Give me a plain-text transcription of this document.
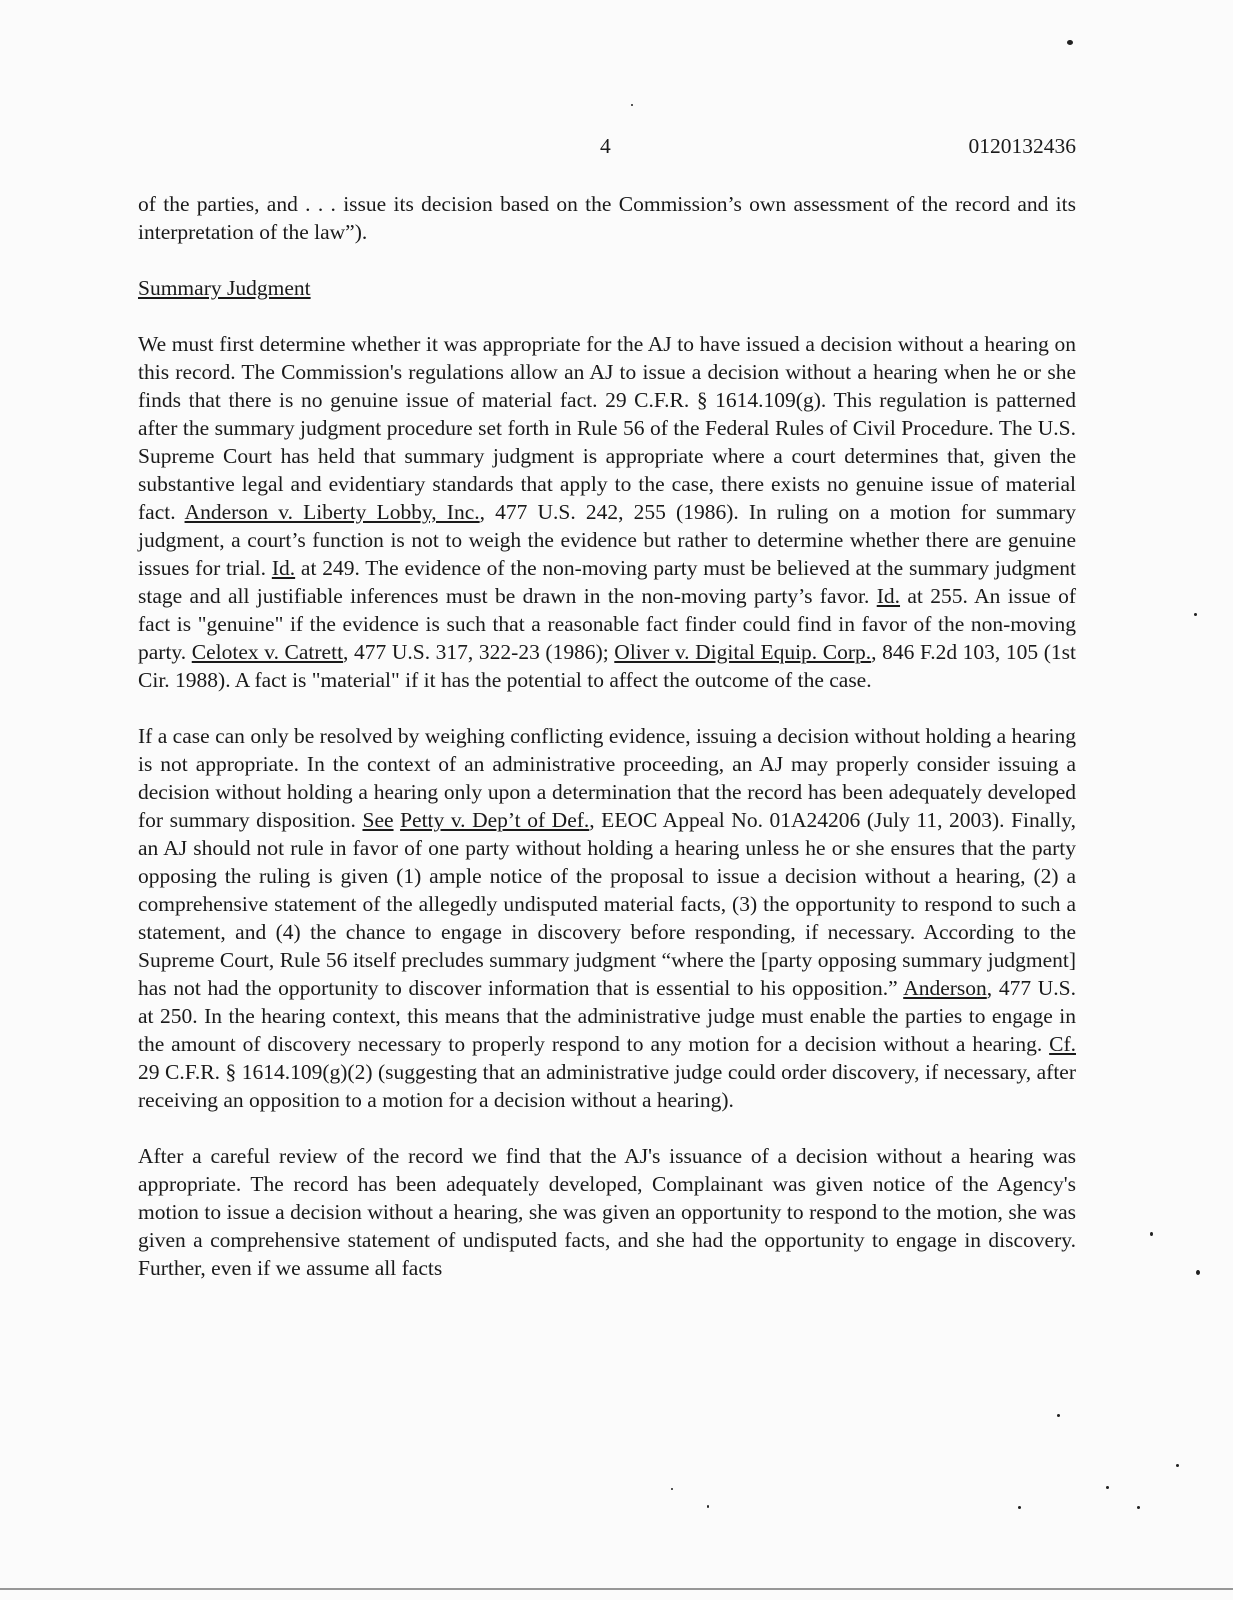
4	0120132436

of the parties, and . . . issue its decision based on the Commission’s own assessment of the record and its interpretation of the law”).

Summary Judgment

We must first determine whether it was appropriate for the AJ to have issued a decision without a hearing on this record. The Commission's regulations allow an AJ to issue a decision without a hearing when he or she finds that there is no genuine issue of material fact. 29 C.F.R. § 1614.109(g). This regulation is patterned after the summary judgment procedure set forth in Rule 56 of the Federal Rules of Civil Procedure. The U.S. Supreme Court has held that summary judgment is appropriate where a court determines that, given the substantive legal and evidentiary standards that apply to the case, there exists no genuine issue of material fact. Anderson v. Liberty Lobby, Inc., 477 U.S. 242, 255 (1986). In ruling on a motion for summary judgment, a court’s function is not to weigh the evidence but rather to determine whether there are genuine issues for trial. Id. at 249. The evidence of the non-moving party must be believed at the summary judgment stage and all justifiable inferences must be drawn in the non-moving party’s favor. Id. at 255. An issue of fact is "genuine" if the evidence is such that a reasonable fact finder could find in favor of the non-moving party. Celotex v. Catrett, 477 U.S. 317, 322-23 (1986); Oliver v. Digital Equip. Corp., 846 F.2d 103, 105 (1st Cir. 1988). A fact is "material" if it has the potential to affect the outcome of the case.

If a case can only be resolved by weighing conflicting evidence, issuing a decision without holding a hearing is not appropriate. In the context of an administrative proceeding, an AJ may properly consider issuing a decision without holding a hearing only upon a determination that the record has been adequately developed for summary disposition. See Petty v. Dep’t of Def., EEOC Appeal No. 01A24206 (July 11, 2003). Finally, an AJ should not rule in favor of one party without holding a hearing unless he or she ensures that the party opposing the ruling is given (1) ample notice of the proposal to issue a decision without a hearing, (2) a comprehensive statement of the allegedly undisputed material facts, (3) the opportunity to respond to such a statement, and (4) the chance to engage in discovery before responding, if necessary. According to the Supreme Court, Rule 56 itself precludes summary judgment “where the [party opposing summary judgment] has not had the opportunity to discover information that is essential to his opposition.” Anderson, 477 U.S. at 250. In the hearing context, this means that the administrative judge must enable the parties to engage in the amount of discovery necessary to properly respond to any motion for a decision without a hearing. Cf. 29 C.F.R. § 1614.109(g)(2) (suggesting that an administrative judge could order discovery, if necessary, after receiving an opposition to a motion for a decision without a hearing).

After a careful review of the record we find that the AJ's issuance of a decision without a hearing was appropriate. The record has been adequately developed, Complainant was given notice of the Agency's motion to issue a decision without a hearing, she was given an opportunity to respond to the motion, she was given a comprehensive statement of undisputed facts, and she had the opportunity to engage in discovery. Further, even if we assume all facts
